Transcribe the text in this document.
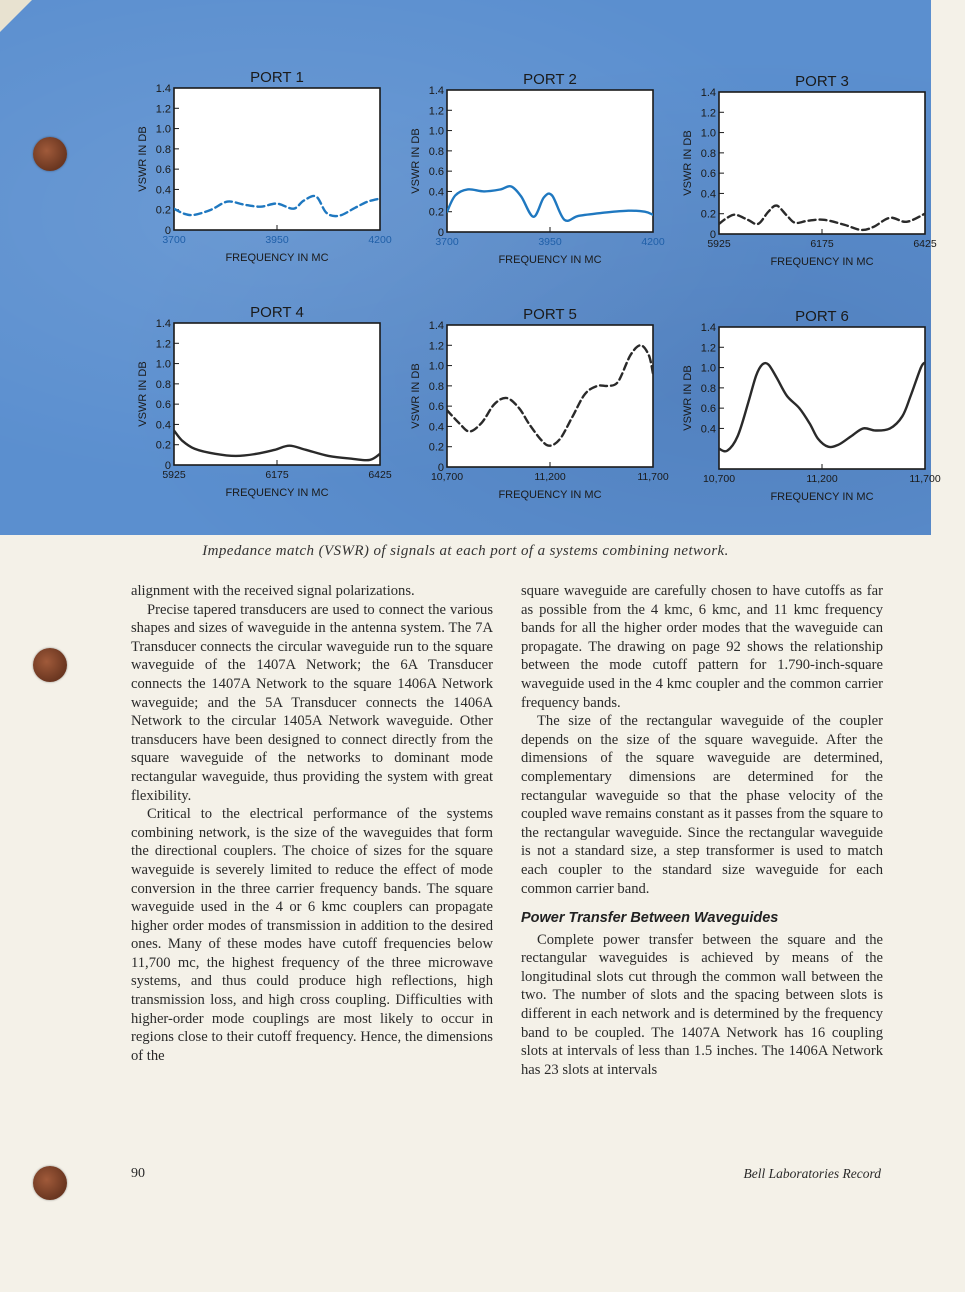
PORT 1
0
0.2
0.4
0.6
0.8
1.0
1.2
1.4
3700	3950	4200
FREQUENCY IN MC
VSWR IN DB
PORT 2
0
0.2
0.4
0.6
0.8
1.0
1.2
1.4
3700	3950	4200
FREQUENCY IN MC
VSWR IN DB
PORT 3
0
0.2
0.4
0.6
0.8
1.0
1.2
1.4
5925	6175	6425
FREQUENCY IN MC
VSWR IN DB
PORT 4
0
0.2
0.4
0.6
0.8
1.0
1.2
1.4
5925	6175	6425
FREQUENCY IN MC
VSWR IN DB
PORT 5
0
0.2
0.4
0.6
0.8
1.0
1.2
1.4
10,700	11,200	11,700
FREQUENCY IN MC
VSWR IN DB
PORT 6
0.4
0.6
0.8
1.0
1.2
1.4
10,700	11,200	11,700
FREQUENCY IN MC
VSWR IN DB
Impedance match (VSWR) of signals at each port of a systems combining network.

alignment with the received signal polarizations.

Precise tapered transducers are used to connect the various shapes and sizes of waveguide in the antenna system. The 7A Transducer connects the circular waveguide run to the square waveguide of the 1407A Network; the 6A Transducer connects the 1407A Network to the square 1406A Network waveguide; and the 5A Transducer connects the 1406A Network to the circular 1405A Network waveguide. Other transducers have been designed to connect directly from the square waveguide of the networks to dominant mode rectangular waveguide, thus providing the system with great flexibility.

Critical to the electrical performance of the systems combining network, is the size of the waveguides that form the directional couplers. The choice of sizes for the square waveguide is severely limited to reduce the effect of mode conversion in the three carrier frequency bands. The square waveguide used in the 4 or 6 kmc couplers can propagate higher order modes of transmission in addition to the desired ones. Many of these modes have cutoff frequencies below 11,700 mc, the highest frequency of the three microwave systems, and thus could produce high reflections, high transmission loss, and high cross coupling. Difficulties with higher-order mode couplings are most likely to occur in regions close to their cutoff frequency. Hence, the dimensions of the

square waveguide are carefully chosen to have cutoffs as far as possible from the 4 kmc, 6 kmc, and 11 kmc frequency bands for all the higher order modes that the waveguide can propagate. The drawing on page 92 shows the relationship between the mode cutoff pattern for 1.790-inch-square waveguide used in the 4 kmc coupler and the common carrier frequency bands.

The size of the rectangular waveguide of the coupler depends on the size of the square waveguide. After the dimensions of the square waveguide are determined, complementary dimensions are determined for the rectangular waveguide so that the phase velocity of the coupled wave remains constant as it passes from the square to the rectangular waveguide. Since the rectangular waveguide is not a standard size, a step transformer is used to match each coupler to the standard size waveguide for each common carrier band.

Power Transfer Between Waveguides

Complete power transfer between the square and the rectangular waveguides is achieved by means of the longitudinal slots cut through the common wall between the two. The number of slots and the spacing between slots is different in each network and is determined by the frequency band to be coupled. The 1407A Network has 16 coupling slots at intervals of less than 1.5 inches. The 1406A Network has 23 slots at intervals

90	Bell Laboratories Record
